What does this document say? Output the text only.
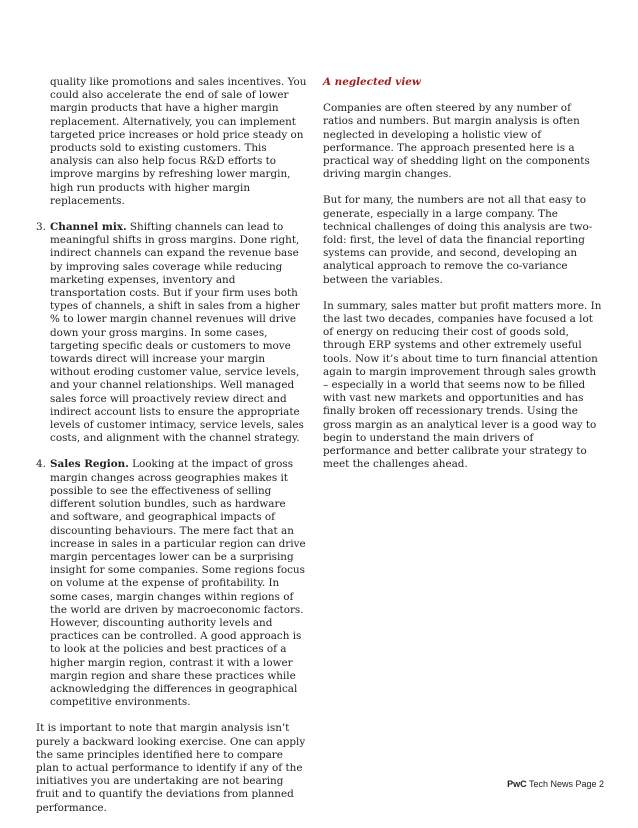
quality like promotions and sales incentives. You could also accelerate the end of sale of lower margin products that have a higher margin replacement. Alternatively, you can implement targeted price increases or hold price steady on products sold to existing customers. This analysis can also help focus R&D efforts to improve margins by refreshing lower margin, high run products with higher margin replacements.

3. Channel mix. Shifting channels can lead to meaningful shifts in gross margins. Done right, indirect channels can expand the revenue base by improving sales coverage while reducing marketing expenses, inventory and transportation costs. But if your firm uses both types of channels, a shift in sales from a higher % to lower margin channel revenues will drive down your gross margins. In some cases, targeting specific deals or customers to move towards direct will increase your margin without eroding customer value, service levels, and your channel relationships. Well managed sales force will proactively review direct and indirect account lists to ensure the appropriate levels of customer intimacy, service levels, sales costs, and alignment with the channel strategy.
4. Sales Region. Looking at the impact of gross margin changes across geographies makes it possible to see the effectiveness of selling different solution bundles, such as hardware and software, and geographical impacts of discounting behaviours. The mere fact that an increase in sales in a particular region can drive margin percentages lower can be a surprising insight for some companies. Some regions focus on volume at the expense of profitability. In some cases, margin changes within regions of the world are driven by macroeconomic factors. However, discounting authority levels and practices can be controlled. A good approach is to look at the policies and best practices of a higher margin region, contrast it with a lower margin region and share these practices while acknowledging the differences in geographical competitive environments.

It is important to note that margin analysis isn’t purely a backward looking exercise. One can apply the same principles identified here to compare plan to actual performance to identify if any of the initiatives you are undertaking are not bearing fruit and to quantify the deviations from planned performance.

A neglected view

Companies are often steered by any number of ratios and numbers. But margin analysis is often neglected in developing a holistic view of performance. The approach presented here is a practical way of shedding light on the components driving margin changes.

But for many, the numbers are not all that easy to generate, especially in a large company. The technical challenges of doing this analysis are two-fold: first, the level of data the financial reporting systems can provide, and second, developing an analytical approach to remove the co-variance between the variables.

In summary, sales matter but profit matters more. In the last two decades, companies have focused a lot of energy on reducing their cost of goods sold, through ERP systems and other extremely useful tools. Now it’s about time to turn financial attention again to margin improvement through sales growth – especially in a world that seems now to be filled with vast new markets and opportunities and has finally broken off recessionary trends. Using the gross margin as an analytical lever is a good way to begin to understand the main drivers of performance and better calibrate your strategy to meet the challenges ahead.

PwC Tech News Page 2
